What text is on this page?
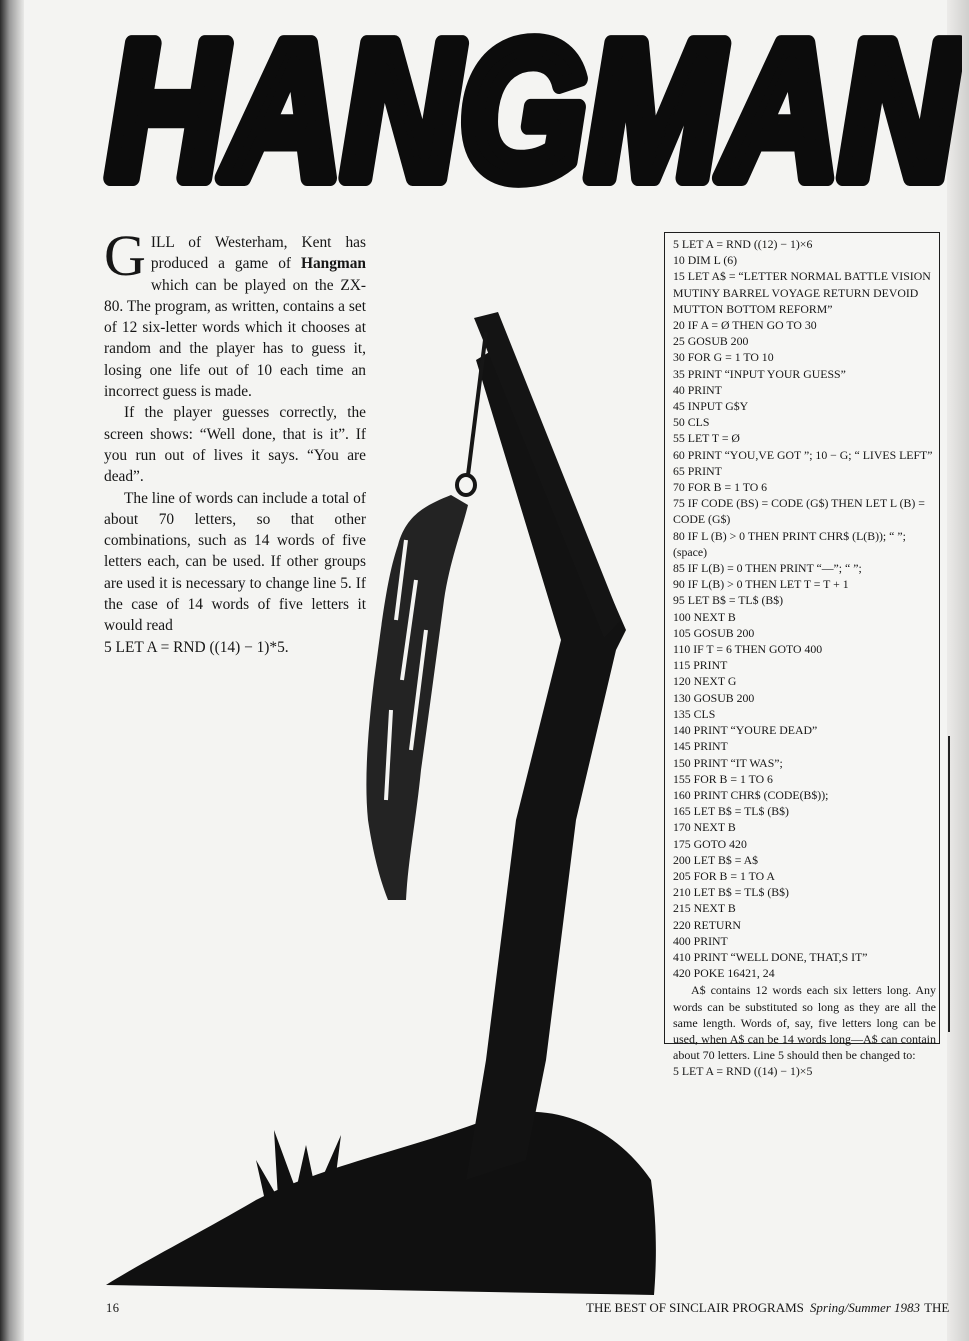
HANGMAN

GILL of Westerham, Kent has produced a game of Hangman which can be played on the ZX-80. The program, as written, contains a set of 12 six-letter words which it chooses at random and the player has to guess it, losing one life out of 10 each time an incorrect guess is made.

If the player guesses correctly, the screen shows: “Well done, that is it”. If you run out of lives it says. “You are dead”.

The line of words can include a total of about 70 letters, so that other combinations, such as 14 words of five letters each, can be used. If other groups are used it is necessary to change line 5. If the case of 14 words of five letters it would read

5 LET A = RND ((14) − 1)*5.
5 LET A = RND ((12) − 1)×6
10 DIM L (6)
15 LET A$ = “LETTER NORMAL BATTLE VISION MUTINY BARREL VOYAGE RETURN DEVOID MUTTON BOTTOM REFORM”
20 IF A = Ø THEN GO TO 30
25 GOSUB 200
30 FOR G = 1 TO 10
35 PRINT “INPUT YOUR GUESS”
40 PRINT
45 INPUT G$Y
50 CLS
55 LET T = Ø
60 PRINT “YOU,VE GOT ”; 10 − G; “ LIVES LEFT”
65 PRINT
70 FOR B = 1 TO 6
75 IF CODE (BS) = CODE (G$) THEN LET L (B) = CODE (G$)
80 IF L (B) > 0 THEN PRINT CHR$ (L(B)); “ ”; (space)
85 IF L(B) = 0 THEN PRINT “—”; “ ”;
90 IF L(B) > 0 THEN LET T = T + 1
95 LET B$ = TL$ (B$)
100 NEXT B
105 GOSUB 200
110 IF T = 6 THEN GOTO 400
115 PRINT
120 NEXT G
130 GOSUB 200
135 CLS
140 PRINT “YOURE DEAD”
145 PRINT
150 PRINT “IT WAS”;
155 FOR B = 1 TO 6
160 PRINT CHR$ (CODE(B$));
165 LET B$ = TL$ (B$)
170 NEXT B
175 GOTO 420
200 LET B$ = A$
205 FOR B = 1 TO A
210 LET B$ = TL$ (B$)
215 NEXT B
220 RETURN
400 PRINT
410 PRINT “WELL DONE, THAT,S IT”
420 POKE 16421, 24
A$ contains 12 words each six letters long. Any words can be substituted so long as they are all the same length. Words of, say, five letters long can be used, when A$ can be 14 words long—A$ can contain about 70 letters. Line 5 should then be changed to:
5 LET A = RND ((14) − 1)×5
16	THE BEST OF SINCLAIR PROGRAMS Spring/Summer 1983 THE
